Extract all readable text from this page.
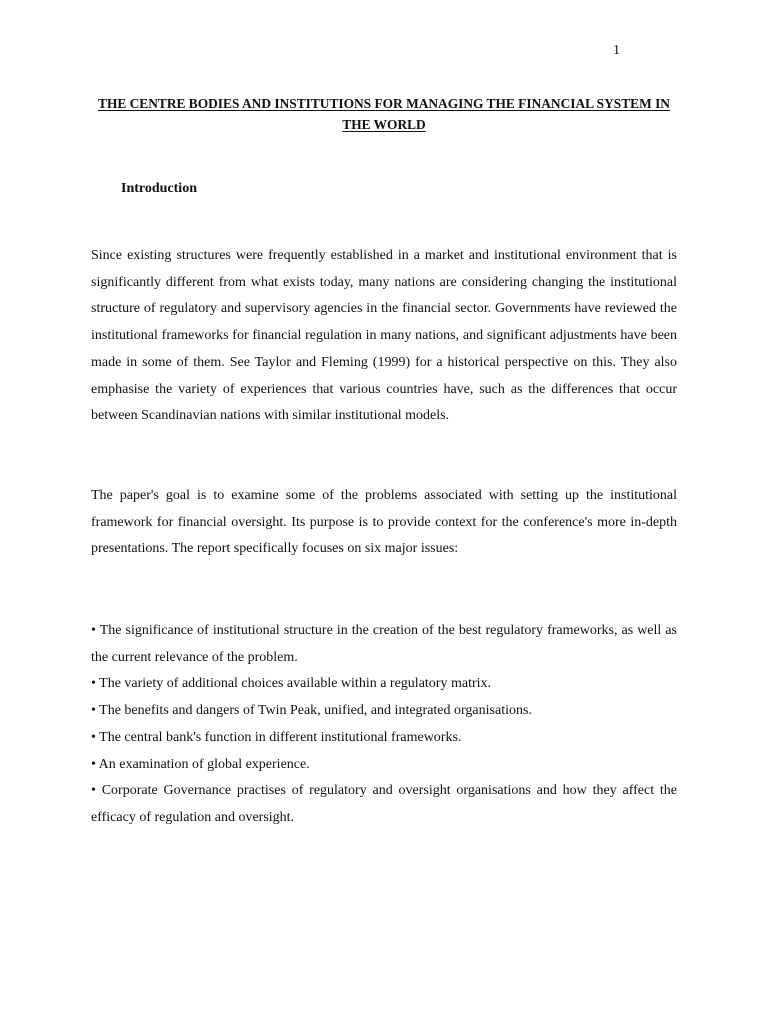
1
THE CENTRE BODIES AND INSTITUTIONS FOR MANAGING THE FINANCIAL SYSTEM IN THE WORLD
Introduction

Since existing structures were frequently established in a market and institutional environment that is significantly different from what exists today, many nations are considering changing the institutional structure of regulatory and supervisory agencies in the financial sector. Governments have reviewed the institutional frameworks for financial regulation in many nations, and significant adjustments have been made in some of them. See Taylor and Fleming (1999) for a historical perspective on this. They also emphasise the variety of experiences that various countries have, such as the differences that occur between Scandinavian nations with similar institutional models.

The paper's goal is to examine some of the problems associated with setting up the institutional framework for financial oversight. Its purpose is to provide context for the conference's more in-depth presentations. The report specifically focuses on six major issues:

• The significance of institutional structure in the creation of the best regulatory frameworks, as well as the current relevance of the problem.
• The variety of additional choices available within a regulatory matrix.
• The benefits and dangers of Twin Peak, unified, and integrated organisations.
• The central bank's function in different institutional frameworks.
• An examination of global experience.
• Corporate Governance practises of regulatory and oversight organisations and how they affect the efficacy of regulation and oversight.
